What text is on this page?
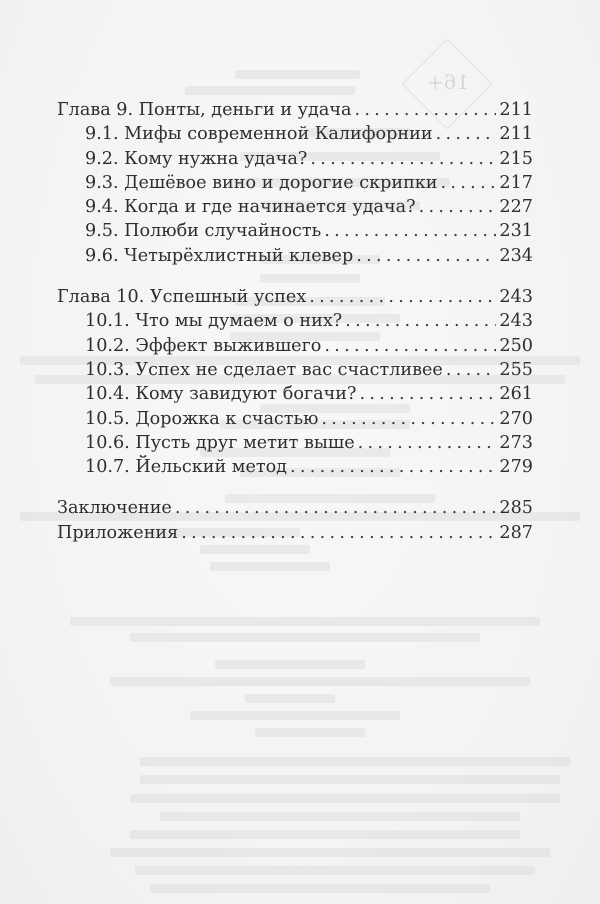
16+
Глава 9. Понты, деньги и удача . . .	211
9.1. Мифы современной Калифорнии . . .	211
9.2. Кому нужна удача? . . .	215
9.3. Дешёвое вино и дорогие скрипки . . .	217
9.4. Когда и где начинается удача? . . .	227
9.5. Полюби случайность . . .	231
9.6. Четырёхлистный клевер . . .	234
Глава 10. Успешный успех . . .	243
10.1. Что мы думаем о них? . . .	243
10.2. Эффект выжившего . . .	250
10.3. Успех не сделает вас счастливее . . .	255
10.4. Кому завидуют богачи? . . .	261
10.5. Дорожка к счастью . . .	270
10.6. Пусть друг метит выше . . .	273
10.7. Йельский метод . . .	279
Заключение . . .	285
Приложения . . .	287
